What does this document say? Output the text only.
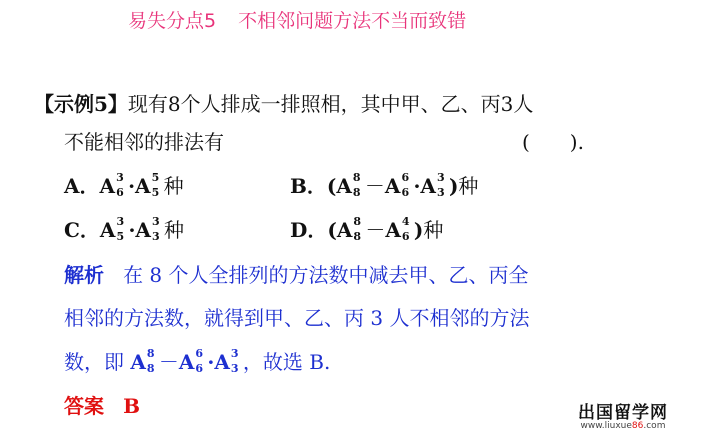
易失分点5 不相邻问题方法不当而致错
【示例5】现有8个人排成一排照相，其中甲、乙、丙3人
不能相邻的排法有	(　　).
A．A 3
6 ·A 5
5 种	B．(A 8
8 －A 6
6 ·A 3
3 )种
C．A 3
5 ·A 3
3 种	D．(A 8
8 －A 4
6 )种
解析 在 8 个人全排列的方法数中减去甲、乙、丙全
相邻的方法数，就得到甲、乙、丙 3 人不相邻的方法
数，即 A 8
8 －A 6
6 ·A 3
3 ，故选 B.
答案 B	出国留学网
www.liuxue86.com
